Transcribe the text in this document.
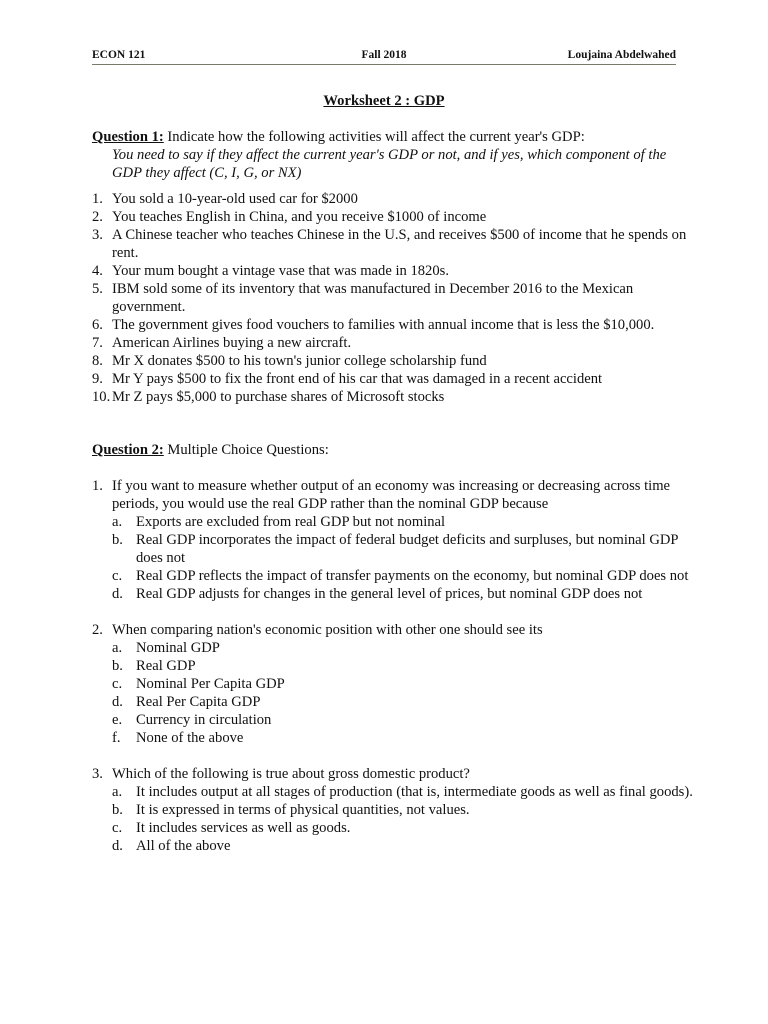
ECON 121	Fall 2018	Loujaina Abdelwahed
Worksheet 2 : GDP

Question 1: Indicate how the following activities will affect the current year's GDP:

You need to say if they affect the current year's GDP or not, and if yes, which component of the GDP they affect (C, I, G, or NX)
1. You sold a 10-year-old used car for $2000
2. You teaches English in China, and you receive $1000 of income
3. A Chinese teacher who teaches Chinese in the U.S, and receives $500 of income that he spends on rent.
4. Your mum bought a vintage vase that was made in 1820s.
5. IBM sold some of its inventory that was manufactured in December 2016 to the Mexican government.
6. The government gives food vouchers to families with annual income that is less the $10,000.
7. American Airlines buying a new aircraft.
8. Mr X donates $500 to his town's junior college scholarship fund
9. Mr Y pays $500 to fix the front end of his car that was damaged in a recent accident
10. Mr Z pays $5,000 to purchase shares of Microsoft stocks

Question 2: Multiple Choice Questions:

1. If you want to measure whether output of an economy was increasing or decreasing across time periods, you would use the real GDP rather than the nominal GDP because
a. Exports are excluded from real GDP but not nominal
b. Real GDP incorporates the impact of federal budget deficits and surpluses, but nominal GDP does not
c. Real GDP reflects the impact of transfer payments on the economy, but nominal GDP does not
d. Real GDP adjusts for changes in the general level of prices, but nominal GDP does not
2. When comparing nation's economic position with other one should see its
a. Nominal GDP
b. Real GDP
c. Nominal Per Capita GDP
d. Real Per Capita GDP
e. Currency in circulation
f. None of the above
3. Which of the following is true about gross domestic product?
a. It includes output at all stages of production (that is, intermediate goods as well as final goods).
b. It is expressed in terms of physical quantities, not values.
c. It includes services as well as goods.
d. All of the above
